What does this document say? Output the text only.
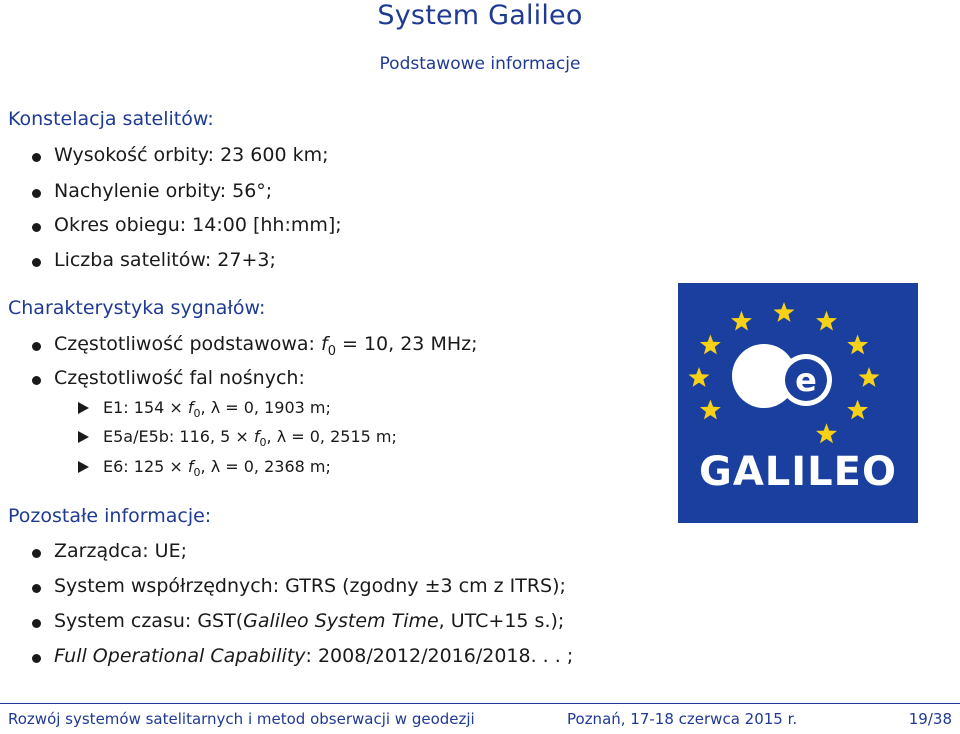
System Galileo
Podstawowe informacje
Konstelacja satelitów:
Wysokość orbity: 23 600 km;
Nachylenie orbity: 56°;
Okres obiegu: 14:00 [hh:mm];
Liczba satelitów: 27+3;
Charakterystyka sygnałów:
Częstotliwość podstawowa: $f_0 = 10$, 23 MHz;
Częstotliwość fal nośnych:
E1: $154 \times f_0$, λ = 0, 1903 m;
E5a/E5b: 116, $5 \times f_0$, λ = 0, 2515 m;
E6: $125 \times f_0$, λ = 0, 2368 m;
Pozostałe informacje:
Zarządca: UE;
System współrzędnych: GTRS (zgodny ±3 cm z ITRS);
System czasu: GST(Galileo System Time, UTC+15 s.);
Full Operational Capability: 2008/2012/2016/2018. . . ;
e
GALILEO
Rozwój systemów satelitarnych i metod obserwacji w geodezji	Poznań, 17-18 czerwca 2015 r.	19/38
